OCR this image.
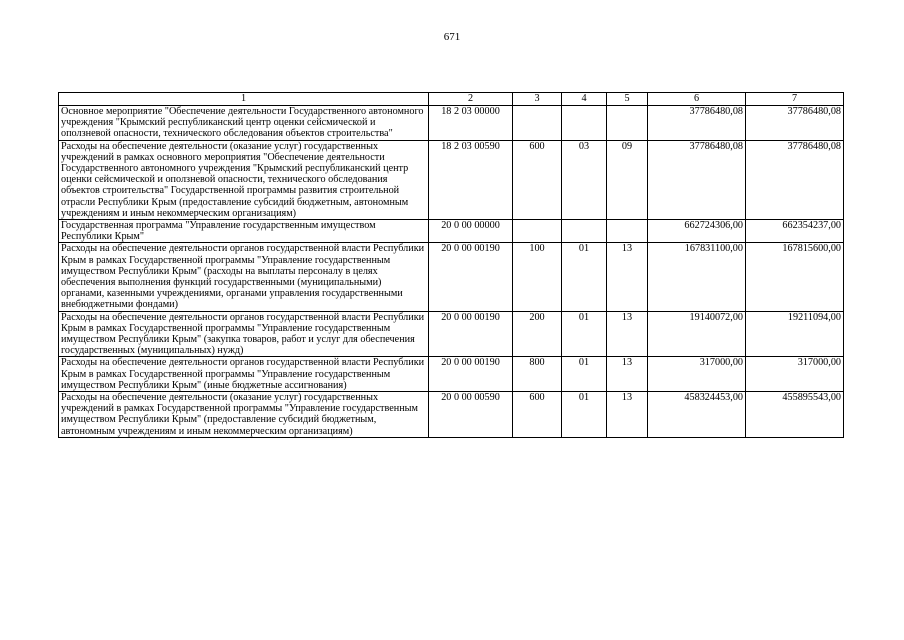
671
1	2	3	4	5	6	7
Основное мероприятие "Обеспечение деятельности Государственного автономного учреждения "Крымский республиканский центр оценки сейсмической и оползневой опасности, технического обследования объектов строительства"	18 2 03 00000				37786480,08	37786480,08
Расходы на обеспечение деятельности (оказание услуг) государственных учреждений в рамках основного мероприятия "Обеспечение деятельности Государственного автономного учреждения "Крымский республиканский центр оценки сейсмической и оползневой опасности, технического обследования объектов строительства" Государственной программы развития строительной отрасли Республики Крым (предоставление субсидий бюджетным, автономным учреждениям и иным некоммерческим организациям)	18 2 03 00590	600	03	09	37786480,08	37786480,08
Государственная программа "Управление государственным имуществом Республики Крым"	20 0 00 00000				662724306,00	662354237,00
Расходы на обеспечение деятельности органов государственной власти Республики Крым в рамках Государственной программы "Управление государственным имуществом Республики Крым" (расходы на выплаты персоналу в целях обеспечения выполнения функций государственными (муниципальными) органами, казенными учреждениями, органами управления государственными внебюджетными фондами)	20 0 00 00190	100	01	13	167831100,00	167815600,00
Расходы на обеспечение деятельности органов государственной власти Республики Крым в рамках Государственной программы "Управление государственным имуществом Республики Крым" (закупка товаров, работ и услуг для обеспечения государственных (муниципальных) нужд)	20 0 00 00190	200	01	13	19140072,00	19211094,00
Расходы на обеспечение деятельности органов государственной власти Республики Крым в рамках Государственной программы "Управление государственным имуществом Республики Крым" (иные бюджетные ассигнования)	20 0 00 00190	800	01	13	317000,00	317000,00
Расходы на обеспечение деятельности (оказание услуг) государственных учреждений в рамках Государственной программы "Управление государственным имуществом Республики Крым" (предоставление субсидий бюджетным, автономным учреждениям и иным некоммерческим организациям)	20 0 00 00590	600	01	13	458324453,00	455895543,00
